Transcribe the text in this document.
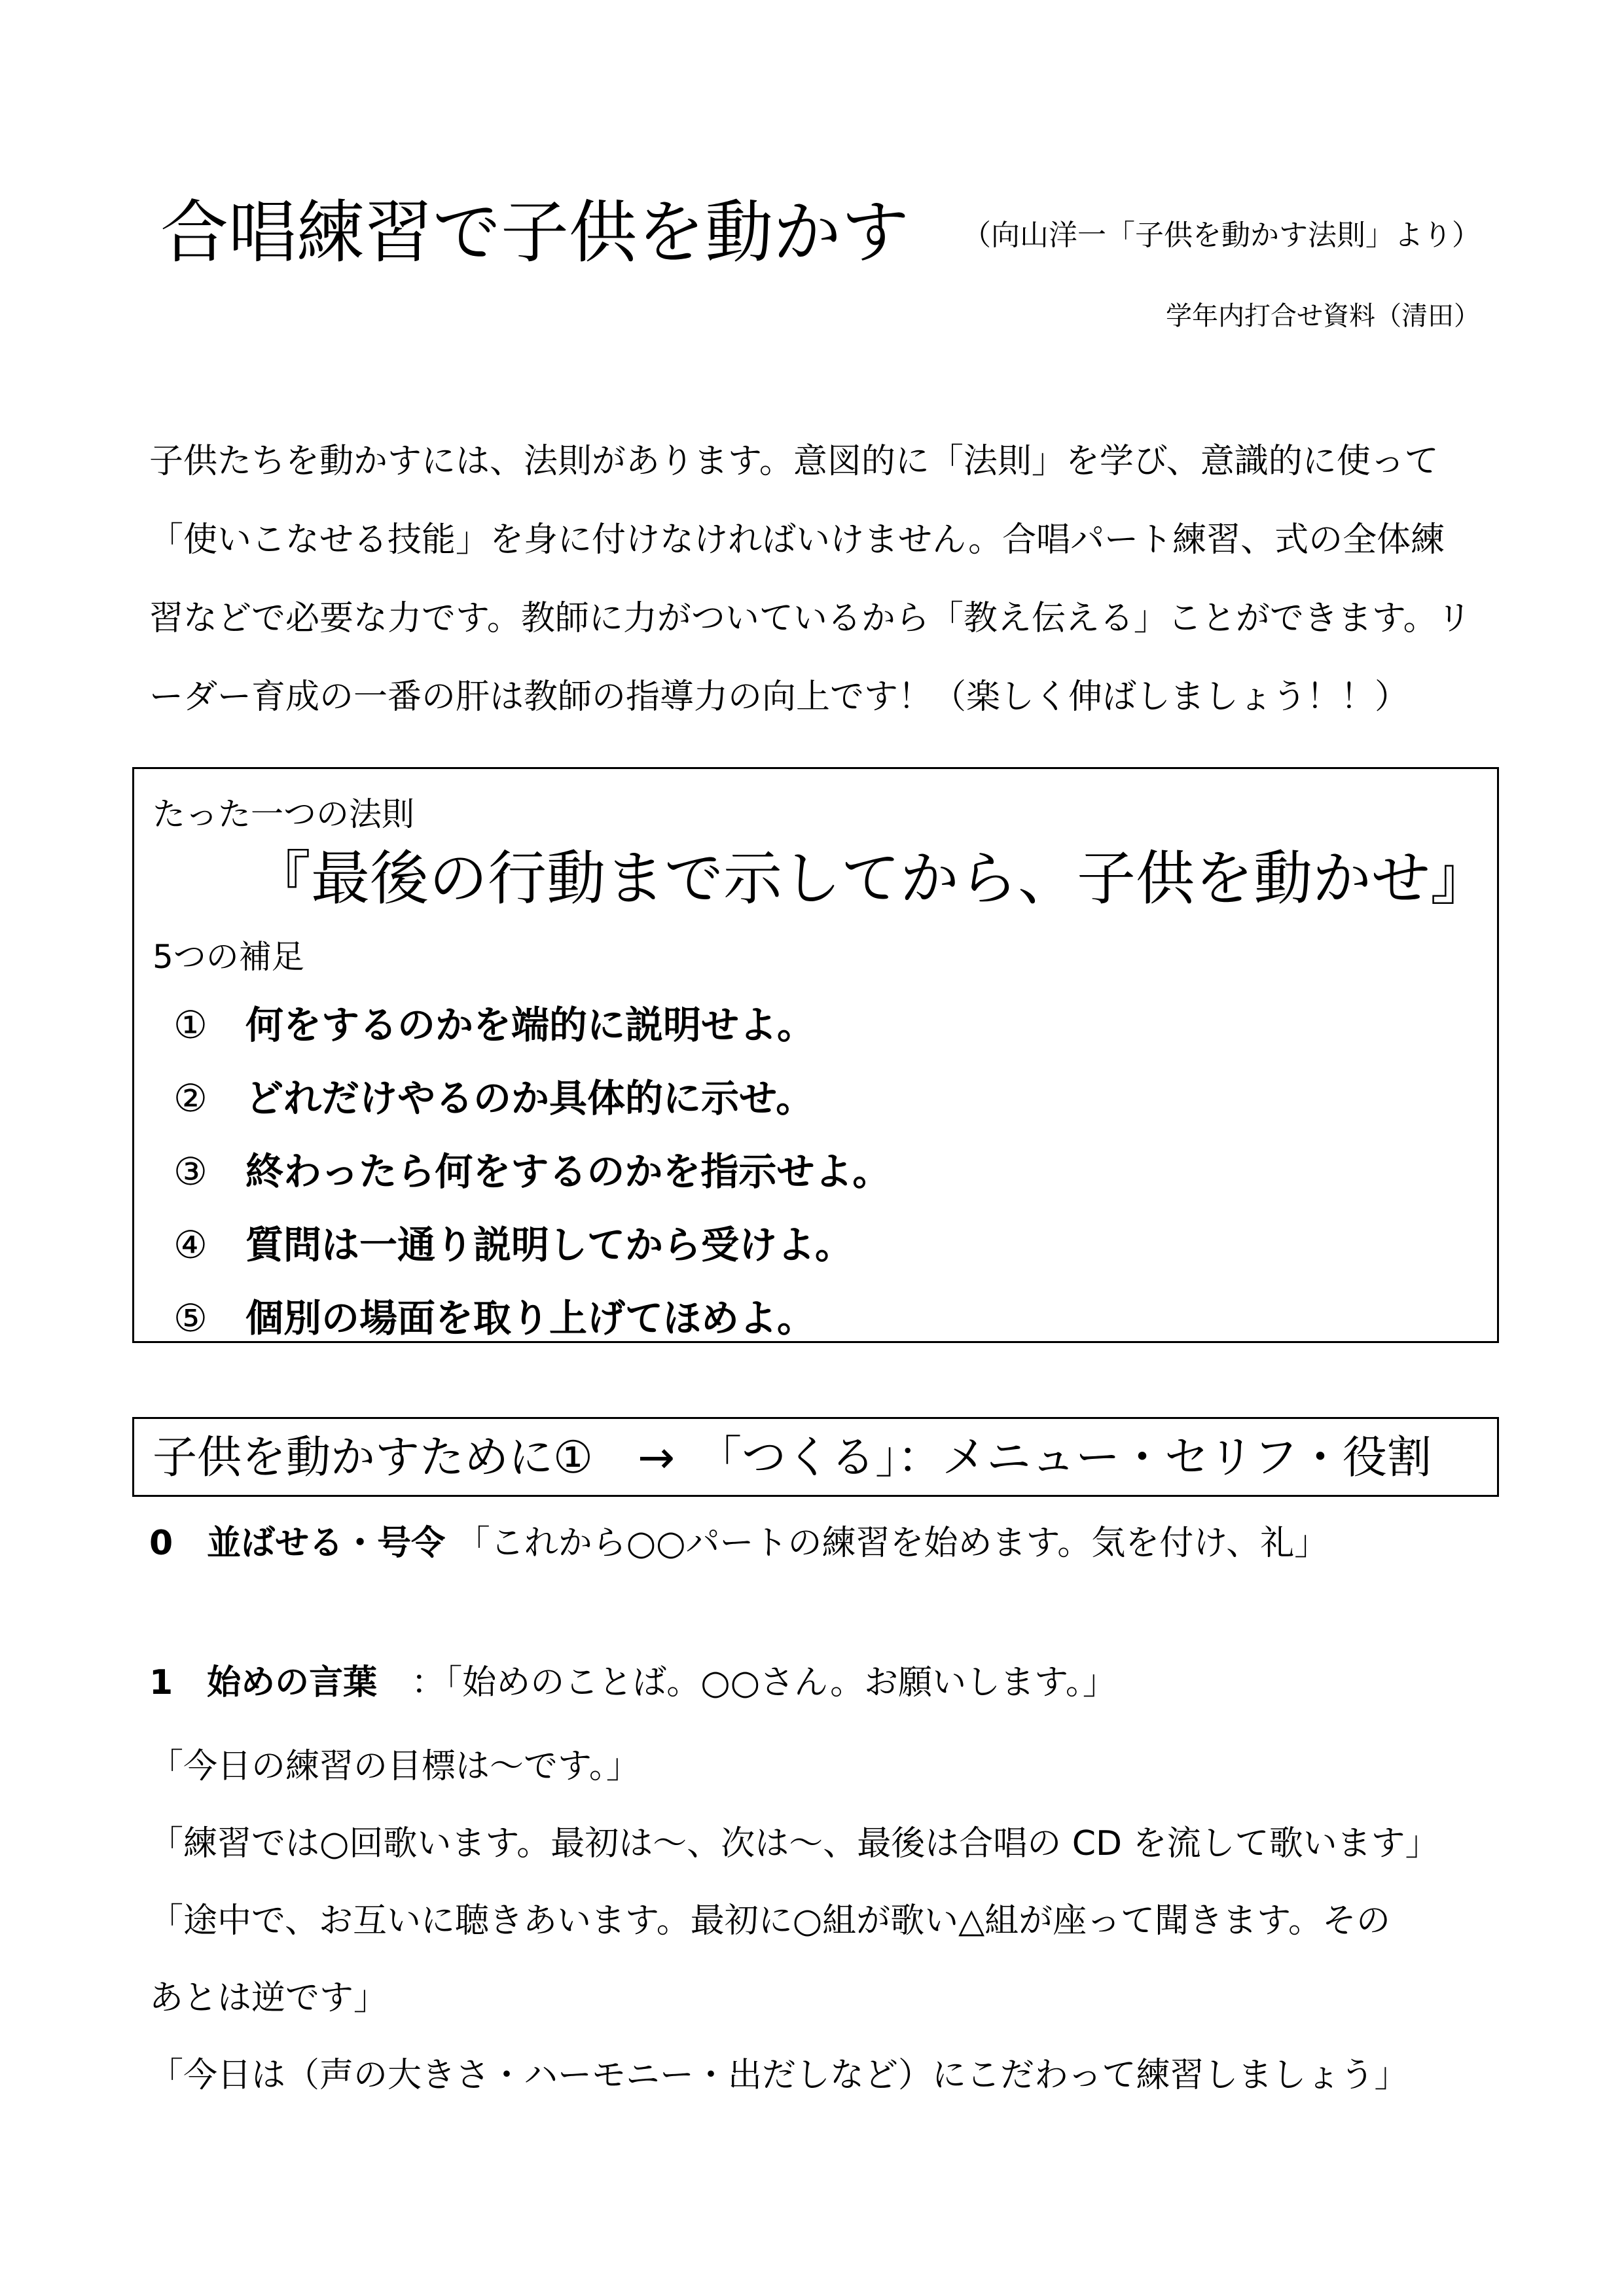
合唱練習で子供を動かす （向山洋一「子供を動かす法則」より）
学年内打合せ資料（清田）
子供たちを動かすには、法則があります。意図的に「法則」を学び、意識的に使って
「使いこなせる技能」を身に付けなければいけません。合唱パート練習、式の全体練
習などで必要な力です。教師に力がついているから「教え伝える」ことができます。リ
ーダー育成の一番の肝は教師の指導力の向上です！（楽しく伸ばしましょう！！）
たった一つの法則
『最後の行動まで示してから、子供を動かせ』
5つの補足
① 何をするのかを端的に説明せよ。
② どれだけやるのか具体的に示せ。
③ 終わったら何をするのかを指示せよ。
④ 質問は一通り説明してから受けよ。
⑤ 個別の場面を取り上げてほめよ。
子供を動かすために①　→　「つくる」：メニュー・セリフ・役割
0　並ばせる・号令 「これから○○パートの練習を始めます。気を付け、礼」
1　始めの言葉　 ：「始めのことば。○○さん。お願いします。」
「今日の練習の目標は～です。」
「練習では○回歌います。最初は～、次は～、最後は合唱の CD を流して歌います」
「途中で、お互いに聴きあいます。最初に○組が歌い△組が座って聞きます。その
あとは逆です」
「今日は（声の大きさ・ハーモニー・出だしなど）にこだわって練習しましょう」
